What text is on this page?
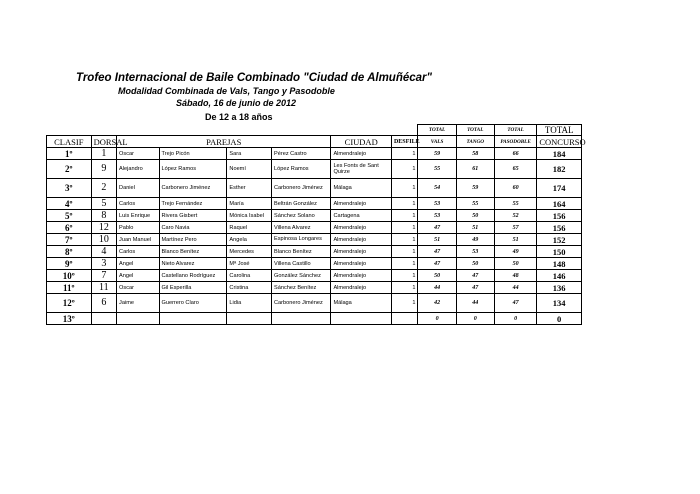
Trofeo Internacional de Baile Combinado "Ciudad de Almuñécar"
Modalidad Combinada de Vals, Tango y Pasodoble
Sábado, 16 de junio de 2012
De 12 a 18 años
								TOTAL	TOTAL	TOTAL	TOTAL
CLASIF	DORSAL	PAREJAS				CIUDAD	DESFILE	VALS	TANGO	PASODOBLE	CONCURSO
1º	1	Oscar	Trejo Picón	Sara	Pérez Castro	Almendralejo	1	59	58	66	184
2º	9	Alejandro	López Ramos	Noemí	López Ramos	Les Fonts de Sant Quirze	1	55	61	65	182
3º	2	Daniel	Carbonero Jiménez	Esther	Carbonero Jiménez	Málaga	1	54	59	60	174
4º	5	Carlos	Trejo Fernández	María	Beltrán González	Almendralejo	1	53	55	55	164
5º	8	Luis Enrique	Rivera Gisbert	Mónica Isabel	Sánchez Solano	Cartagena	1	53	50	52	156
6º	12	Pablo	Caro Navia	Raquel	Villena Alvarez	Almendralejo	1	47	51	57	156
7º	10	Juan Manuel	Martínez Pero	Angela	Espinosa Longares	Almendralejo	1	51	49	51	152
8º	4	Carlos	Blanco Benítez	Mercedes	Blanco Benítez	Almendralejo	1	47	53	49	150
9º	3	Angel	Nieto Alvarez	Mª José	Villena Castillo	Almendralejo	1	47	50	50	148
10º	7	Angel	Castellano Rodríguez	Carolina	González Sánchez	Almendralejo	1	50	47	48	146
11º	11	Oscar	Gil Esperilla	Cristina	Sánchez Benítez	Almendralejo	1	44	47	44	136
12º	6	Jaime	Guerrero Claro	Lidia	Carbonero Jiménez	Málaga	1	42	44	47	134
13º								0	0	0	0
